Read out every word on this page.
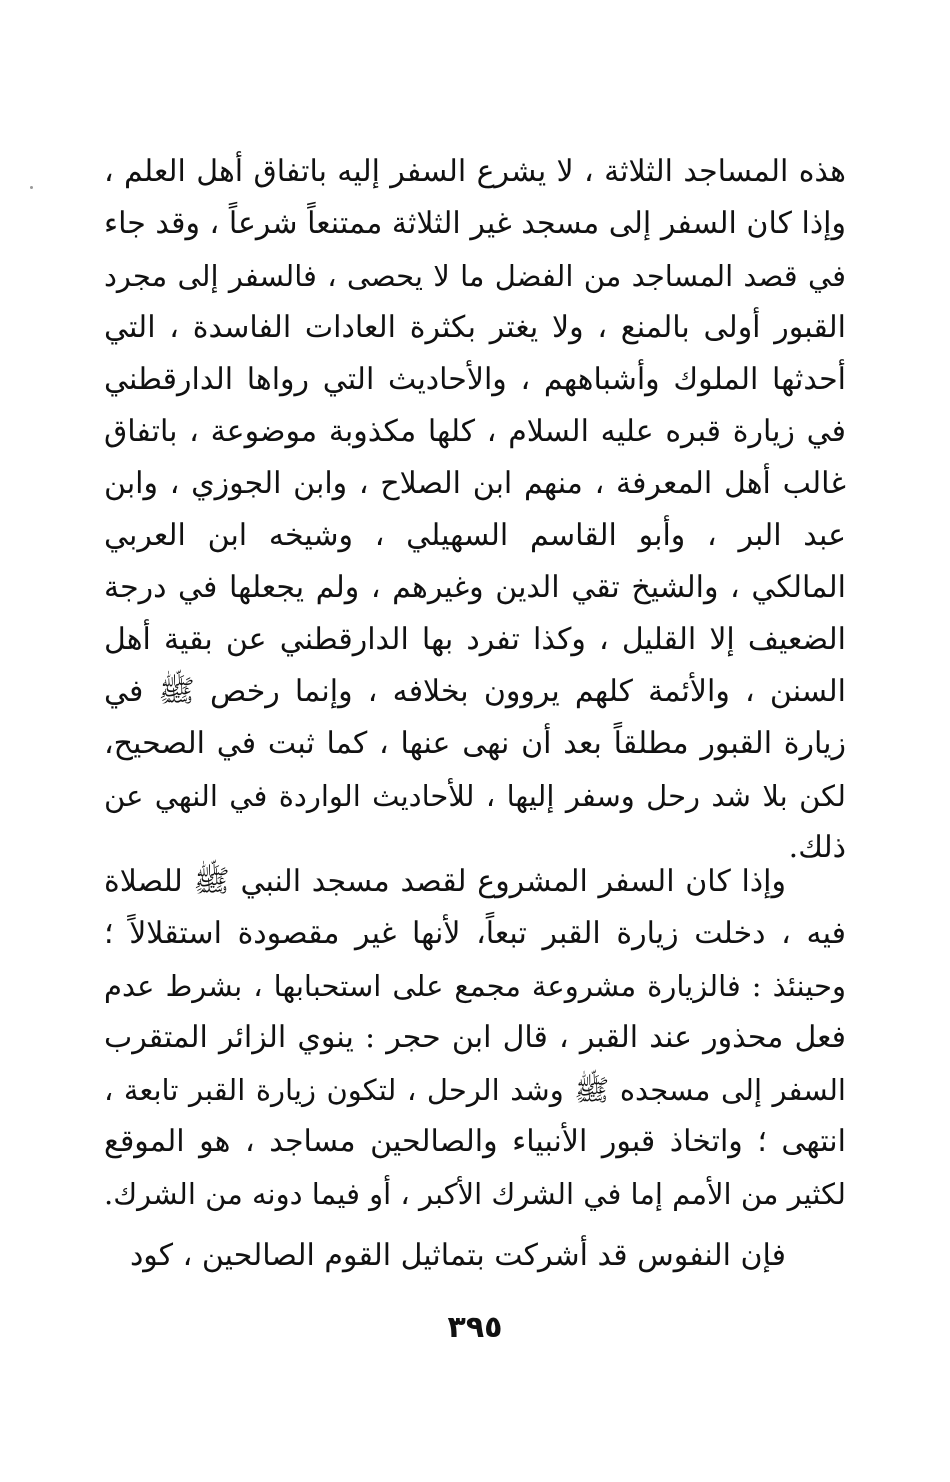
هذه المساجد الثلاثة ، لا يشرع السفر إليه باتفاق أهل العلم ،
وإذا كان السفر إلى مسجد غير الثلاثة ممتنعاً شرعاً ، وقد جاء
في قصد المساجد من الفضل ما لا يحصى ، فالسفر إلى مجرد
القبور أولى بالمنع ، ولا يغتر بكثرة العادات الفاسدة ، التي
أحدثها الملوك وأشباههم ، والأحاديث التي رواها الدارقطني
في زيارة قبره عليه السلام ، كلها مكذوبة موضوعة ، باتفاق
غالب أهل المعرفة ، منهم ابن الصلاح ، وابن الجوزي ، وابن
عبد البر ، وأبو القاسم السهيلي ، وشيخه ابن العربي
المالكي ، والشيخ تقي الدين وغيرهم ، ولم يجعلها في درجة
الضعيف إلا القليل ، وكذا تفرد بها الدارقطني عن بقية أهل
السنن ، والأئمة كلهم يروون بخلافه ، وإنما رخص ﷺ في
زيارة القبور مطلقاً بعد أن نهى عنها ، كما ثبت في الصحيح،
لكن بلا شد رحل وسفر إليها ، للأحاديث الواردة في النهي عن
ذلك.
وإذا كان السفر المشروع لقصد مسجد النبي ﷺ للصلاة
فيه ، دخلت زيارة القبر تبعاً، لأنها غير مقصودة استقلالاً ؛
وحينئذ : فالزيارة مشروعة مجمع على استحبابها ، بشرط عدم
فعل محذور عند القبر ، قال ابن حجر : ينوي الزائر المتقرب
السفر إلى مسجده ﷺ وشد الرحل ، لتكون زيارة القبر تابعة ،
انتهى ؛ واتخاذ قبور الأنبياء والصالحين مساجد ، هو الموقع
لكثير من الأمم إما في الشرك الأكبر ، أو فيما دونه من الشرك.
فإن النفوس قد أشركت بتماثيل القوم الصالحين ، كود
٣٩٥
